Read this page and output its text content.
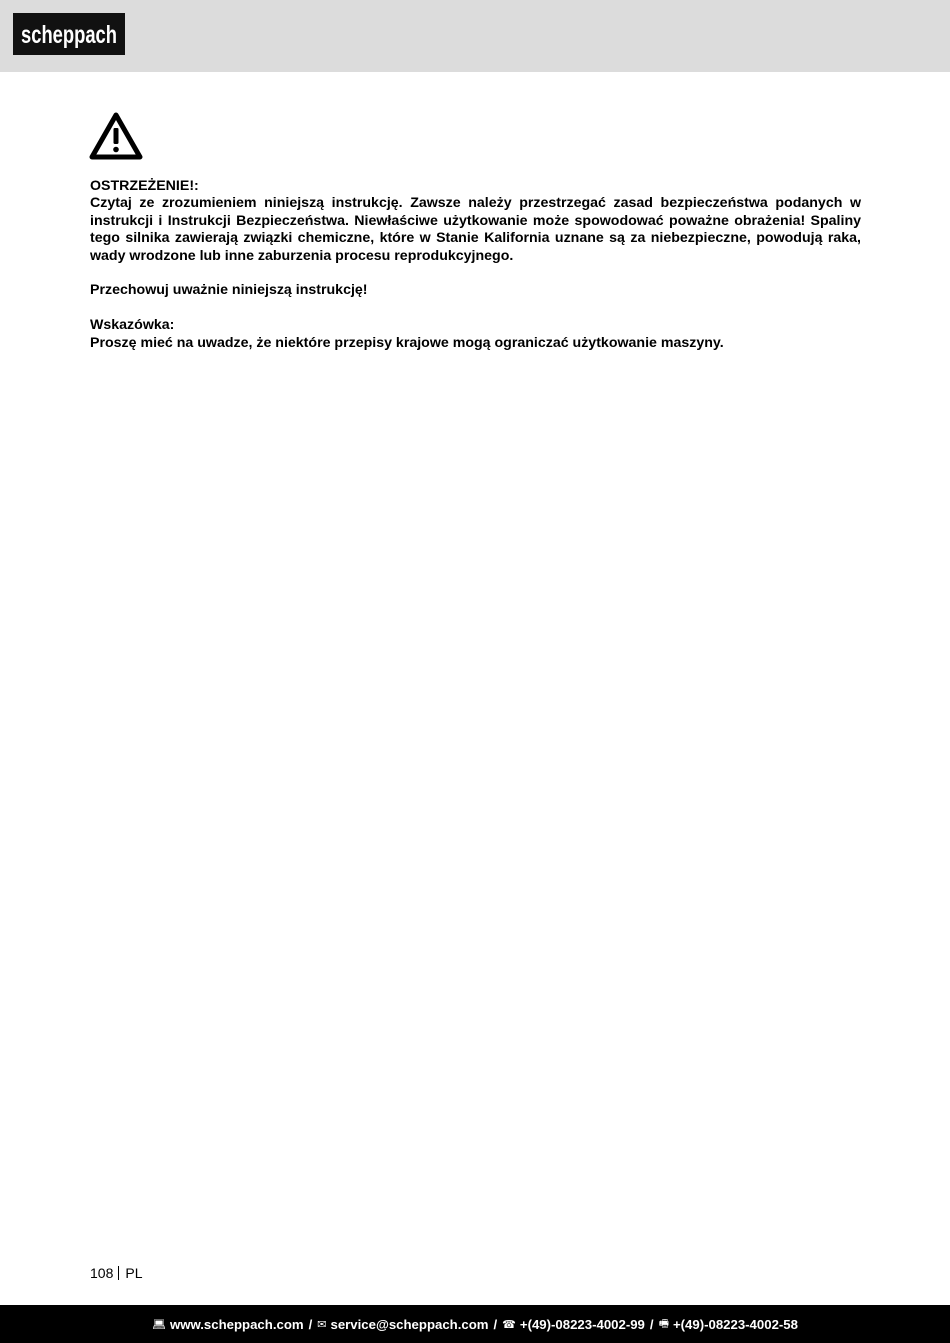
scheppach

OSTRZEŻENIE!:

Czytaj ze zrozumieniem niniejszą instrukcję. Zawsze należy przestrzegać zasad bezpieczeństwa podanych w instrukcji i Instrukcji Bezpieczeństwa. Niewłaściwe użytkowanie może spowodować poważne obrażenia! Spaliny tego silnika zawierają związki chemiczne, które w Stanie Kalifornia uznane są za niebezpieczne, powodują raka, wady wrodzone lub inne zaburzenia procesu reprodukcyjnego.

Przechowuj uważnie niniejszą instrukcję!

Wskazówka:

Proszę mieć na uwadze, że niektóre przepisy krajowe mogą ograniczać użytkowanie maszyny.

108 PL
💻︎ www.scheppach.com / ✉︎ service@scheppach.com / ☎︎ +(49)-08223-4002-99 / 🖷︎ +(49)-08223-4002-58
